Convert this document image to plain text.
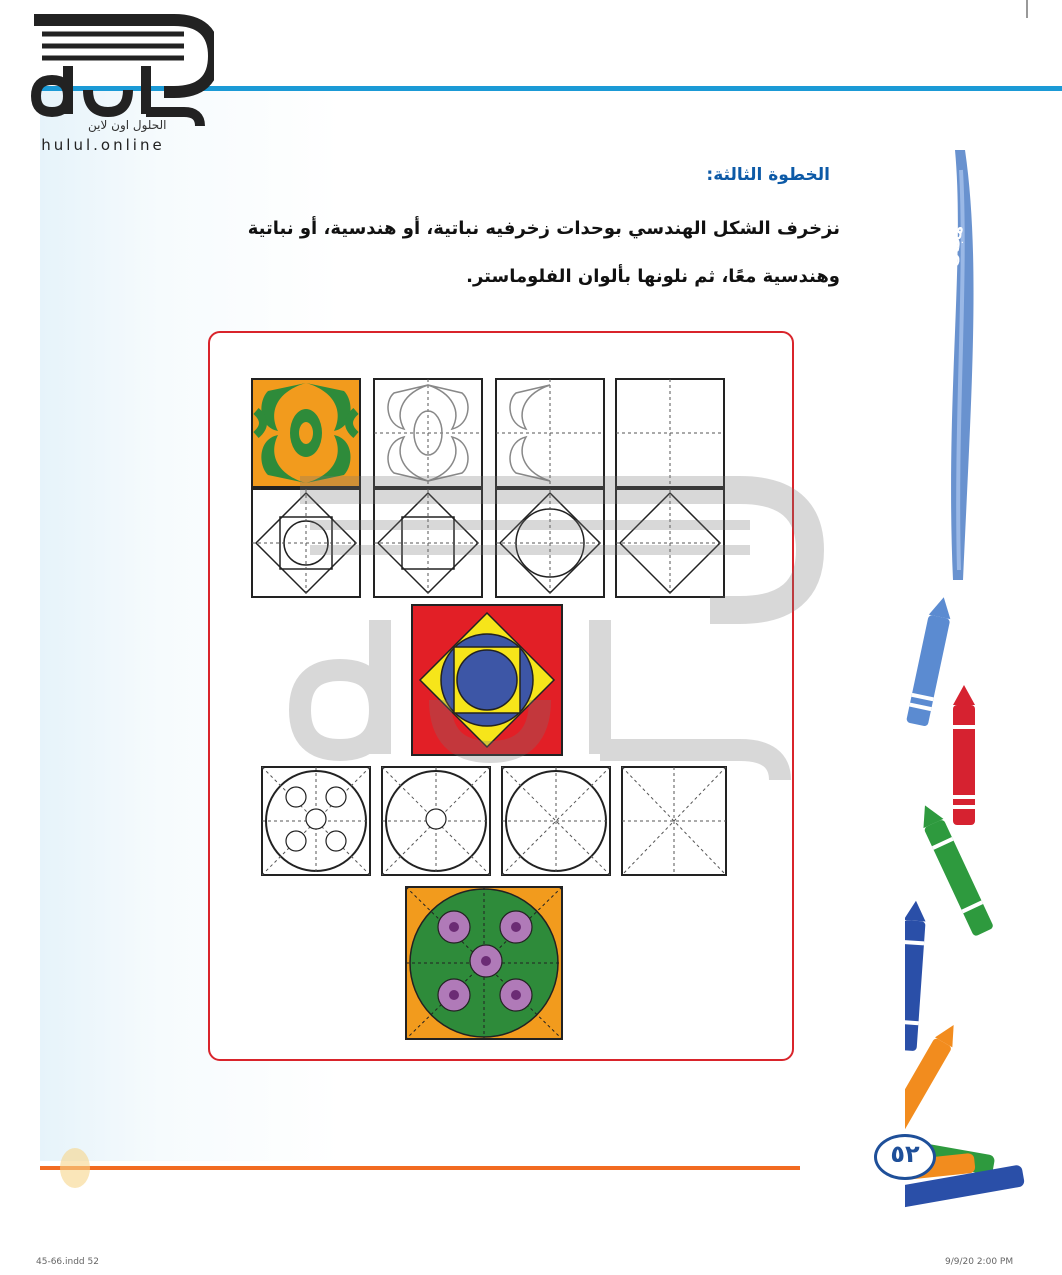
الحلول اون لاين
hulul.online
الخطوة الثالثة:
نزخرف الشكل الهندسي بوحدات زخرفيه نباتية، أو هندسية، أو نباتية
وهندسية معًا، ثم نلونها بألوان الفلوماستر.	مجال الزخرفة
٥٢
45-66.indd 52	9/9/20 2:00 PM
